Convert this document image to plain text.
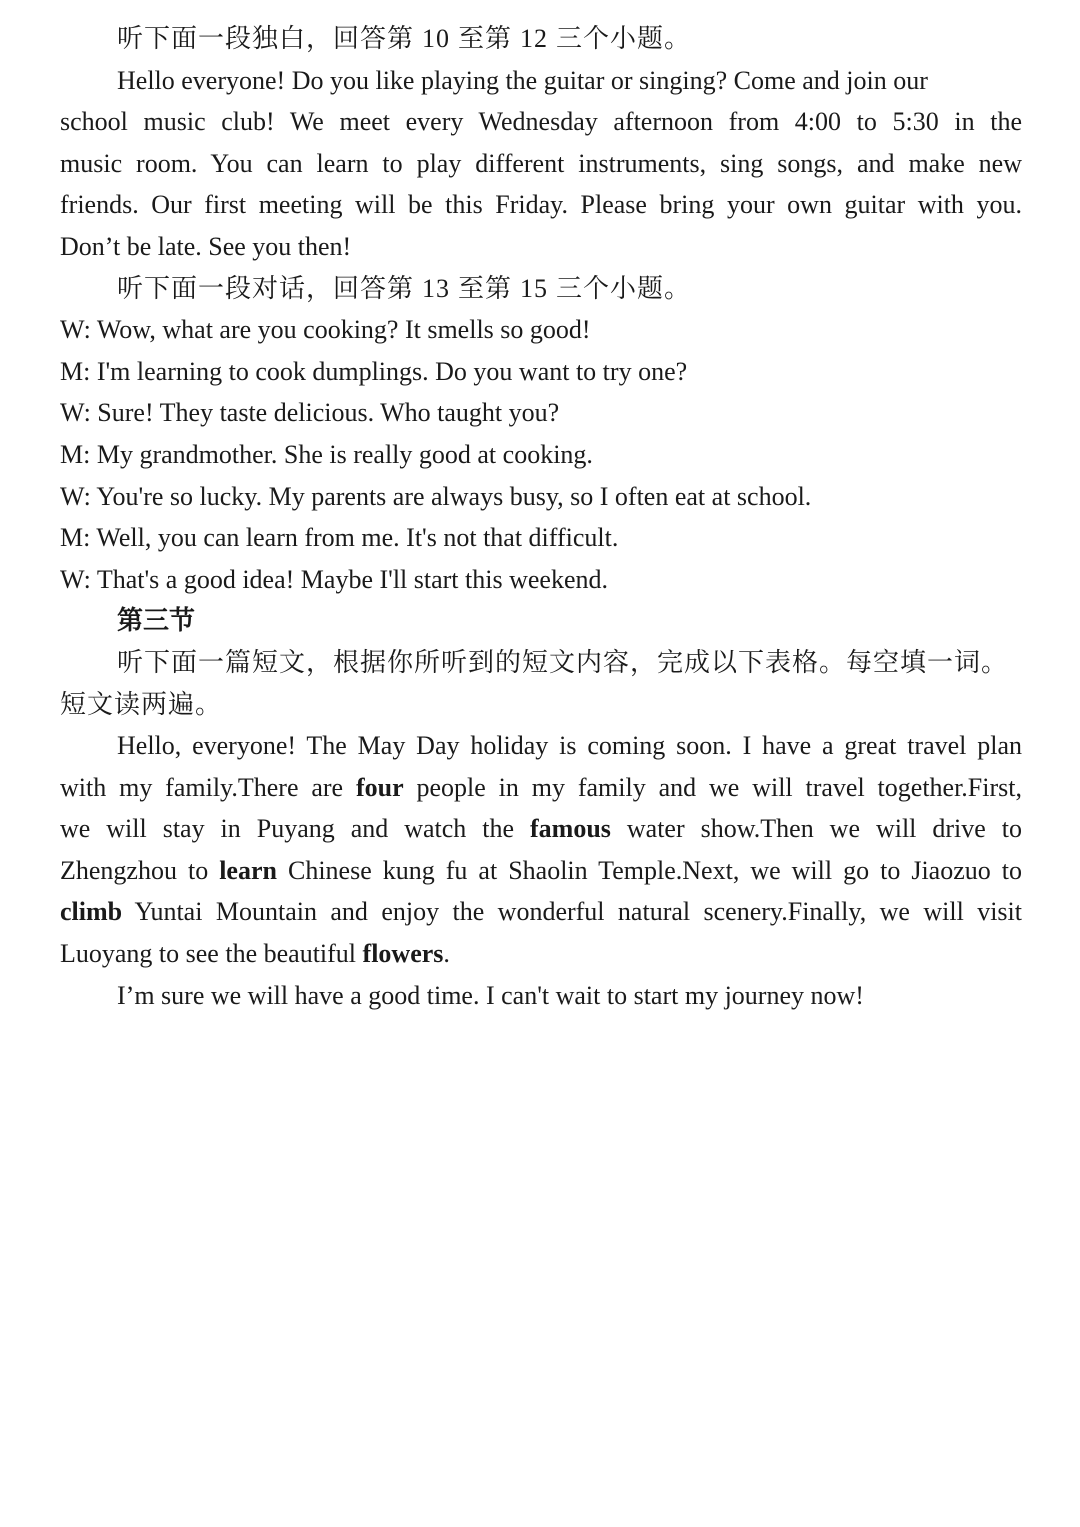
听下面一段独白，回答第 10 至第 12 三个小题。
Hello everyone! Do you like playing the guitar or singing? Come and join our
school music club! We meet every Wednesday afternoon from 4:00 to 5:30 in the
music room. You can learn to play different instruments, sing songs, and make new
friends. Our first meeting will be this Friday. Please bring your own guitar with you.
Don’t be late. See you then!
听下面一段对话，回答第 13 至第 15 三个小题。
W: Wow, what are you cooking? It smells so good!
M: I'm learning to cook dumplings. Do you want to try one?
W: Sure! They taste delicious. Who taught you?
M: My grandmother. She is really good at cooking.
W: You're so lucky. My parents are always busy, so I often eat at school.
M: Well, you can learn from me. It's not that difficult.
W: That's a good idea! Maybe I'll start this weekend.
第三节
听下面一篇短文，根据你所听到的短文内容，完成以下表格。每空填一词。
短文读两遍。
Hello, everyone! The May Day holiday is coming soon. I have a great travel plan
with my family.There are four people in my family and we will travel together.First,
we will stay in Puyang and watch the famous water show.Then we will drive to
Zhengzhou to learn Chinese kung fu at Shaolin Temple.Next, we will go to Jiaozuo to
climb Yuntai Mountain and enjoy the wonderful natural scenery.Finally, we will visit
Luoyang to see the beautiful flowers.
I’m sure we will have a good time. I can't wait to start my journey now!
